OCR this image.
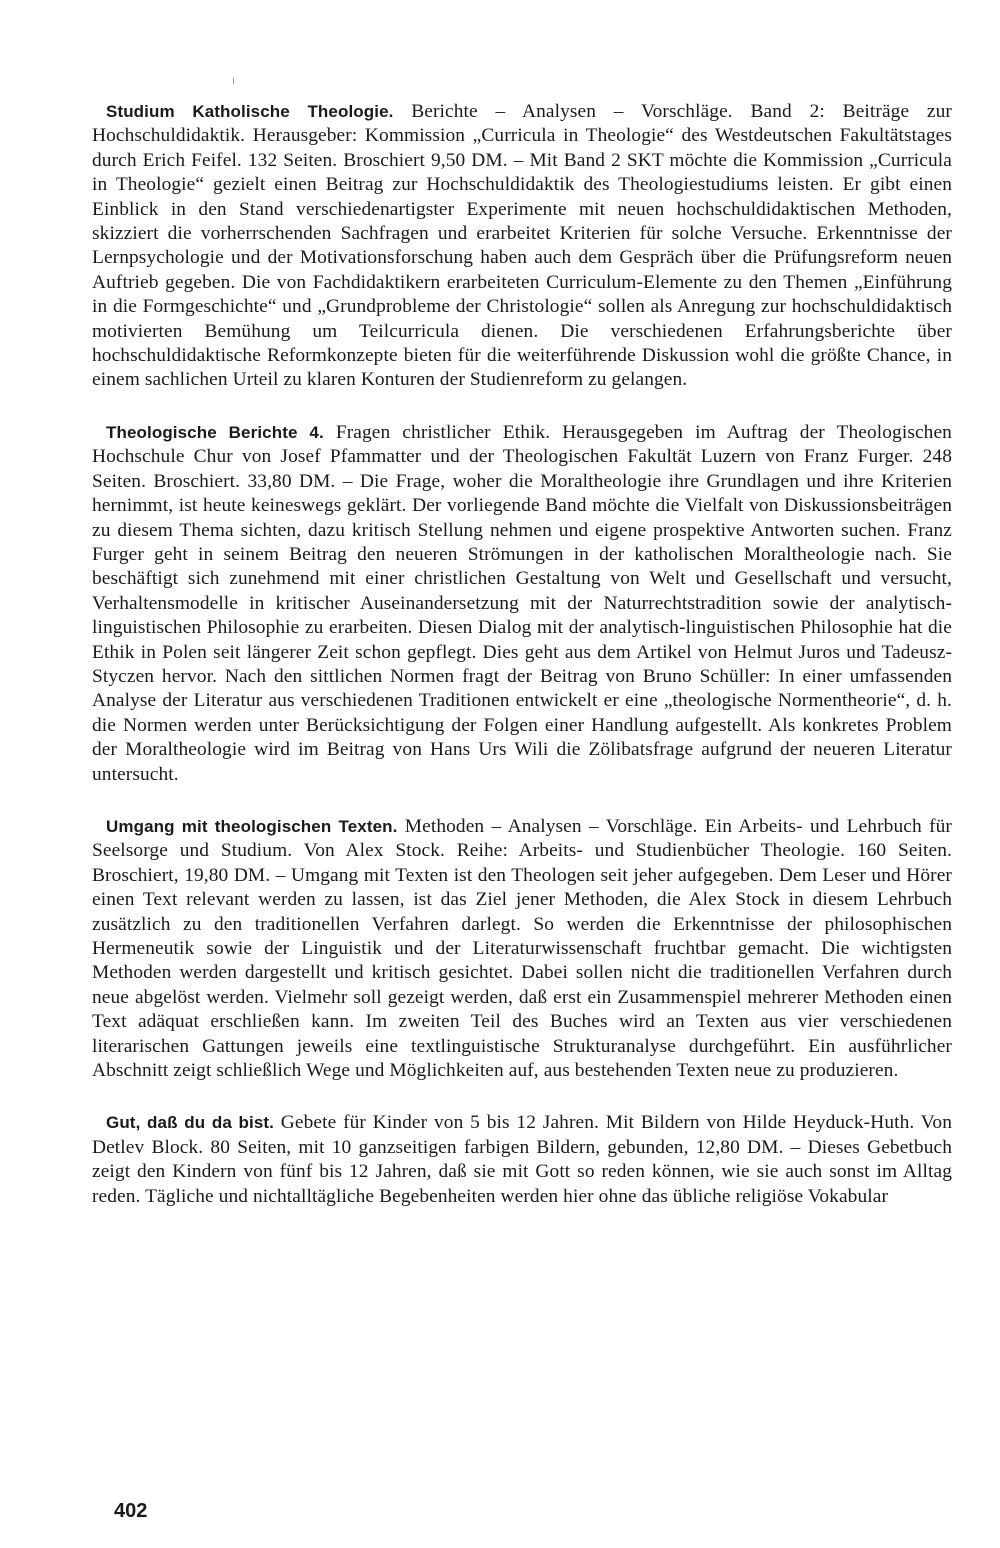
Studium Katholische Theologie. Berichte – Analysen – Vorschläge. Band 2: Beiträge zur Hochschuldidaktik. Herausgeber: Kommission „Curricula in Theologie“ des Westdeutschen Fakultätstages durch Erich Feifel. 132 Seiten. Broschiert 9,50 DM. – Mit Band 2 SKT möchte die Kommission „Curricula in Theologie“ gezielt einen Beitrag zur Hochschuldidaktik des Theologiestudiums leisten. Er gibt einen Einblick in den Stand verschiedenartigster Experimente mit neuen hochschuldidaktischen Methoden, skizziert die vorherrschenden Sachfragen und erarbeitet Kriterien für solche Versuche. Erkenntnisse der Lernpsychologie und der Motivationsforschung haben auch dem Gespräch über die Prüfungsreform neuen Auftrieb gegeben. Die von Fachdidaktikern erarbeiteten Curriculum-Elemente zu den Themen „Einführung in die Formgeschichte“ und „Grundprobleme der Christologie“ sollen als Anregung zur hochschuldidaktisch motivierten Bemühung um Teilcurricula dienen. Die verschiedenen Erfahrungsberichte über hochschuldidaktische Reformkonzepte bieten für die weiterführende Diskussion wohl die größte Chance, in einem sachlichen Urteil zu klaren Konturen der Studienreform zu gelangen.

Theologische Berichte 4. Fragen christlicher Ethik. Herausgegeben im Auftrag der Theologischen Hochschule Chur von Josef Pfammatter und der Theologischen Fakultät Luzern von Franz Furger. 248 Seiten. Broschiert. 33,80 DM. – Die Frage, woher die Moraltheologie ihre Grundlagen und ihre Kriterien hernimmt, ist heute keineswegs geklärt. Der vorliegende Band möchte die Vielfalt von Diskussionsbeiträgen zu diesem Thema sichten, dazu kritisch Stellung nehmen und eigene prospektive Antworten suchen. Franz Furger geht in seinem Beitrag den neueren Strömungen in der katholischen Moraltheologie nach. Sie beschäftigt sich zunehmend mit einer christlichen Gestaltung von Welt und Gesellschaft und versucht, Verhaltensmodelle in kritischer Auseinandersetzung mit der Naturrechtstradition sowie der analytisch-linguistischen Philosophie zu erarbeiten. Diesen Dialog mit der analytisch-linguistischen Philosophie hat die Ethik in Polen seit längerer Zeit schon gepflegt. Dies geht aus dem Artikel von Helmut Juros und Tadeusz-Styczen hervor. Nach den sittlichen Normen fragt der Beitrag von Bruno Schüller: In einer umfassenden Analyse der Literatur aus verschiedenen Traditionen entwickelt er eine „theologische Normentheorie“, d. h. die Normen werden unter Berücksichtigung der Folgen einer Handlung aufgestellt. Als konkretes Problem der Moraltheologie wird im Beitrag von Hans Urs Wili die Zölibatsfrage aufgrund der neueren Literatur untersucht.

Umgang mit theologischen Texten. Methoden – Analysen – Vorschläge. Ein Arbeits- und Lehrbuch für Seelsorge und Studium. Von Alex Stock. Reihe: Arbeits- und Studienbücher Theologie. 160 Seiten. Broschiert, 19,80 DM. – Umgang mit Texten ist den Theologen seit jeher aufgegeben. Dem Leser und Hörer einen Text relevant werden zu lassen, ist das Ziel jener Methoden, die Alex Stock in diesem Lehrbuch zusätzlich zu den traditionellen Verfahren darlegt. So werden die Erkenntnisse der philosophischen Hermeneutik sowie der Linguistik und der Literaturwissenschaft fruchtbar gemacht. Die wichtigsten Methoden werden dargestellt und kritisch gesichtet. Dabei sollen nicht die traditionellen Verfahren durch neue abgelöst werden. Vielmehr soll gezeigt werden, daß erst ein Zusammenspiel mehrerer Methoden einen Text adäquat erschließen kann. Im zweiten Teil des Buches wird an Texten aus vier verschiedenen literarischen Gattungen jeweils eine textlinguistische Strukturanalyse durchgeführt. Ein ausführlicher Abschnitt zeigt schließlich Wege und Möglichkeiten auf, aus bestehenden Texten neue zu produzieren.

Gut, daß du da bist. Gebete für Kinder von 5 bis 12 Jahren. Mit Bildern von Hilde Heyduck-Huth. Von Detlev Block. 80 Seiten, mit 10 ganzseitigen farbigen Bildern, gebunden, 12,80 DM. – Dieses Gebetbuch zeigt den Kindern von fünf bis 12 Jahren, daß sie mit Gott so reden können, wie sie auch sonst im Alltag reden. Tägliche und nichtalltägliche Begebenheiten werden hier ohne das übliche religiöse Vokabular

402
